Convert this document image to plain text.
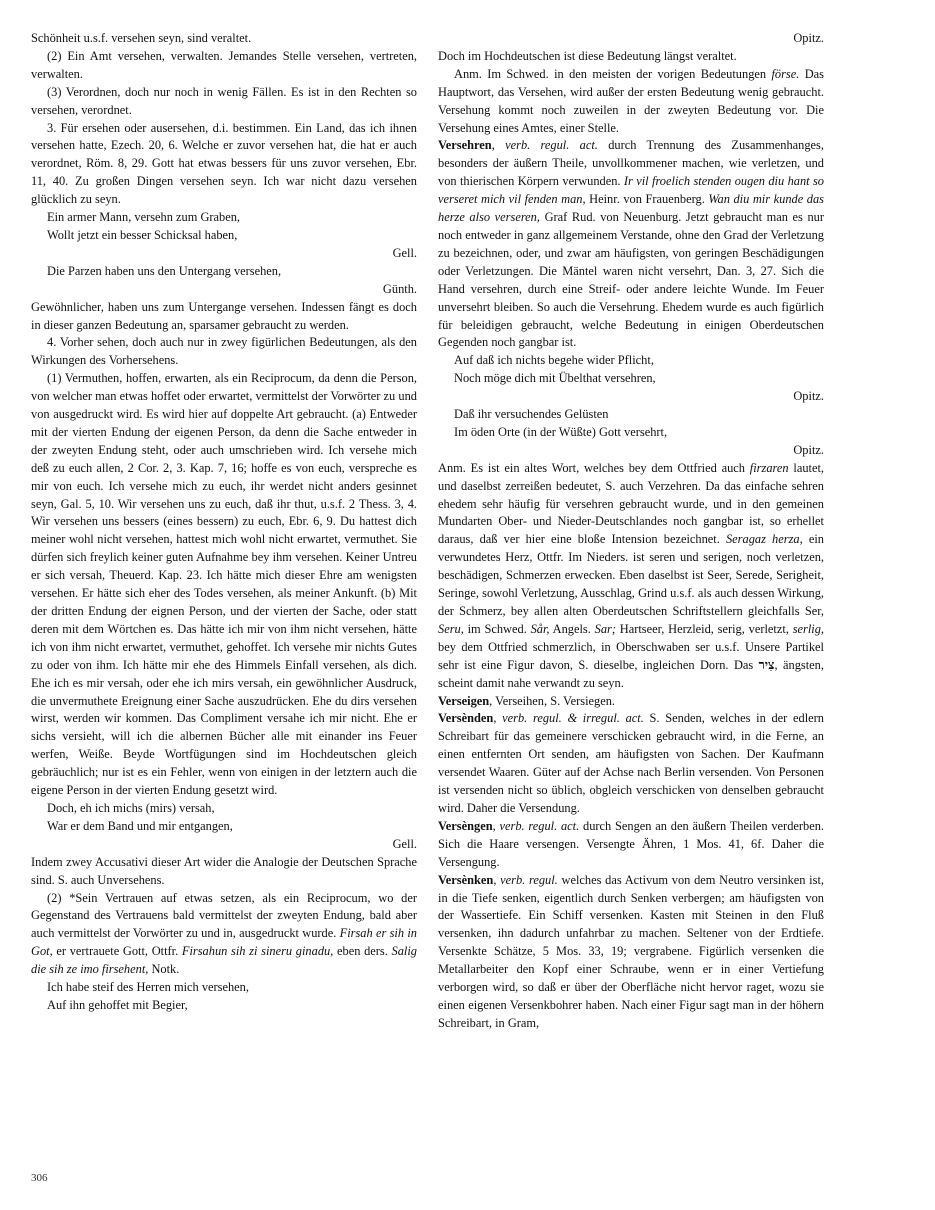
Schönheit u.s.f. versehen seyn, sind veraltet.

(2) Ein Amt versehen, verwalten. Jemandes Stelle versehen, vertreten, verwalten.

(3) Verordnen, doch nur noch in wenig Fällen. Es ist in den Rechten so versehen, verordnet.

3. Für ersehen oder ausersehen, d.i. bestimmen. Ein Land, das ich ihnen versehen hatte, Ezech. 20, 6. Welche er zuvor versehen hat, die hat er auch verordnet, Röm. 8, 29. Gott hat etwas bessers für uns zuvor versehen, Ebr. 11, 40. Zu großen Dingen versehen seyn. Ich war nicht dazu versehen glücklich zu seyn.

Ein armer Mann, versehn zum Graben,

Wollt jetzt ein besser Schicksal haben,

Gell.

Die Parzen haben uns den Untergang versehen,

Günth.

Gewöhnlicher, haben uns zum Untergange versehen. Indessen fängt es doch in dieser ganzen Bedeutung an, sparsamer gebraucht zu werden.

4. Vorher sehen, doch auch nur in zwey figürlichen Bedeutungen, als den Wirkungen des Vorhersehens.

(1) Vermuthen, hoffen, erwarten, als ein Reciprocum, da denn die Person, von welcher man etwas hoffet oder erwartet, vermittelst der Vorwörter zu und von ausgedruckt wird. Es wird hier auf doppelte Art gebraucht. (a) Entweder mit der vierten Endung der eigenen Person, da denn die Sache entweder in der zweyten Endung steht, oder auch umschrieben wird. Ich versehe mich deß zu euch allen, 2 Cor. 2, 3. Kap. 7, 16; hoffe es von euch, verspreche es mir von euch. Ich versehe mich zu euch, ihr werdet nicht anders gesinnet seyn, Gal. 5, 10. Wir versehen uns zu euch, daß ihr thut, u.s.f. 2 Thess. 3, 4. Wir versehen uns bessers (eines bessern) zu euch, Ebr. 6, 9. Du hattest dich meiner wohl nicht versehen, hattest mich wohl nicht erwartet, vermuthet. Sie dürfen sich freylich keiner guten Aufnahme bey ihm versehen. Keiner Untreu er sich versah, Theuerd. Kap. 23. Ich hätte mich dieser Ehre am wenigsten versehen. Er hätte sich eher des Todes versehen, als meiner Ankunft. (b) Mit der dritten Endung der eignen Person, und der vierten der Sache, oder statt deren mit dem Wörtchen es. Das hätte ich mir von ihm nicht versehen, hätte ich von ihm nicht erwartet, vermuthet, gehoffet. Ich versehe mir nichts Gutes zu oder von ihm. Ich hätte mir ehe des Himmels Einfall versehen, als dich. Ehe ich es mir versah, oder ehe ich mirs versah, ein gewöhnlicher Ausdruck, die unvermuthete Ereignung einer Sache auszudrücken. Ehe du dirs versehen wirst, werden wir kommen. Das Compliment versahe ich mir nicht. Ehe er sichs versieht, will ich die albernen Bücher alle mit einander ins Feuer werfen, Weiße. Beyde Wortfügungen sind im Hochdeutschen gleich gebräuchlich; nur ist es ein Fehler, wenn von einigen in der letztern auch die eigene Person in der vierten Endung gesetzt wird.

Doch, eh ich michs (mirs) versah,

War er dem Band und mir entgangen,

Gell.

Indem zwey Accusativi dieser Art wider die Analogie der Deutschen Sprache sind. S. auch Unversehens.

(2) *Sein Vertrauen auf etwas setzen, als ein Reciprocum, wo der Gegenstand des Vertrauens bald vermittelst der zweyten Endung, bald aber auch vermittelst der Vorwörter zu und in, ausgedruckt wurde. Firsah er sih in Got, er vertrauete Gott, Ottfr. Firsahun sih zi sineru ginadu, eben ders. Salig die sih ze imo firsehent, Notk.

Ich habe steif des Herren mich versehen,

Auf ihn gehoffet mit Begier,

Opitz.

Doch im Hochdeutschen ist diese Bedeutung längst veraltet.

Anm. Im Schwed. in den meisten der vorigen Bedeutungen förse. Das Hauptwort, das Versehen, wird außer der ersten Bedeutung wenig gebraucht. Versehung kommt noch zuweilen in der zweyten Bedeutung vor. Die Versehung eines Amtes, einer Stelle.

Versehren, verb. regul. act. durch Trennung des Zusammenhanges, besonders der äußern Theile, unvollkommener machen, wie verletzen, und von thierischen Körpern verwunden. Ir vil froelich stenden ougen diu hant so verseret mich vil fenden man, Heinr. von Frauenberg. Wan diu mir kunde das herze also verseren, Graf Rud. von Neuenburg. Jetzt gebraucht man es nur noch entweder in ganz allgemeinem Verstande, ohne den Grad der Verletzung zu bezeichnen, oder, und zwar am häufigsten, von geringen Beschädigungen oder Verletzungen. Die Mäntel waren nicht versehrt, Dan. 3, 27. Sich die Hand versehren, durch eine Streif- oder andere leichte Wunde. Im Feuer unversehrt bleiben. So auch die Versehrung. Ehedem wurde es auch figürlich für beleidigen gebraucht, welche Bedeutung in einigen Oberdeutschen Gegenden noch gangbar ist.

Auf daß ich nichts begehe wider Pflicht,

Noch möge dich mit Übelthat versehren,

Opitz.

Daß ihr versuchendes Gelüsten

Im öden Orte (in der Wüßte) Gott versehrt,

Opitz.

Anm. Es ist ein altes Wort, welches bey dem Ottfried auch firzaren lautet, und daselbst zerreißen bedeutet, S. auch Verzehren. Da das einfache sehren ehedem sehr häufig für versehren gebraucht wurde, und in den gemeinen Mundarten Ober- und Nieder-Deutschlandes noch gangbar ist, so erhellet daraus, daß ver hier eine bloße Intension bezeichnet. Seragaz herza, ein verwundetes Herz, Ottfr. Im Nieders. ist seren und serigen, noch verletzen, beschädigen, Schmerzen erwecken. Eben daselbst ist Seer, Serede, Serigheit, Seringe, sowohl Verletzung, Ausschlag, Grind u.s.f. als auch dessen Wirkung, der Schmerz, bey allen alten Oberdeutschen Schriftstellern gleichfalls Ser, Seru, im Schwed. Sår, Angels. Sar; Hartseer, Herzleid, serig, verletzt, serlig, bey dem Ottfried schmerzlich, in Oberschwaben ser u.s.f. Unsere Partikel sehr ist eine Figur davon, S. dieselbe, ingleichen Dorn. Das צִיר, ängsten, scheint damit nahe verwandt zu seyn.

Verseigen, Verseihen, S. Versiegen.

Versènden, verb. regul. & irregul. act. S. Senden, welches in der edlern Schreibart für das gemeinere verschicken gebraucht wird, in die Ferne, an einen entfernten Ort senden, am häufigsten von Sachen. Der Kaufmann versendet Waaren. Güter auf der Achse nach Berlin versenden. Von Personen ist versenden nicht so üblich, obgleich verschicken von denselben gebraucht wird. Daher die Versendung.

Versèngen, verb. regul. act. durch Sengen an den äußern Theilen verderben. Sich die Haare versengen. Versengte Ähren, 1 Mos. 41, 6f. Daher die Versengung.

Versènken, verb. regul. welches das Activum von dem Neutro versinken ist, in die Tiefe senken, eigentlich durch Senken verbergen; am häufigsten von der Wassertiefe. Ein Schiff versenken. Kasten mit Steinen in den Fluß versenken, ihn dadurch unfahrbar zu machen. Seltener von der Erdtiefe. Versenkte Schätze, 5 Mos. 33, 19; vergrabene. Figürlich versenken die Metallarbeiter den Kopf einer Schraube, wenn er in einer Vertiefung verborgen wird, so daß er über der Oberfläche nicht hervor raget, wozu sie einen eigenen Versenkbohrer haben. Nach einer Figur sagt man in der höhern Schreibart, in Gram,

306
